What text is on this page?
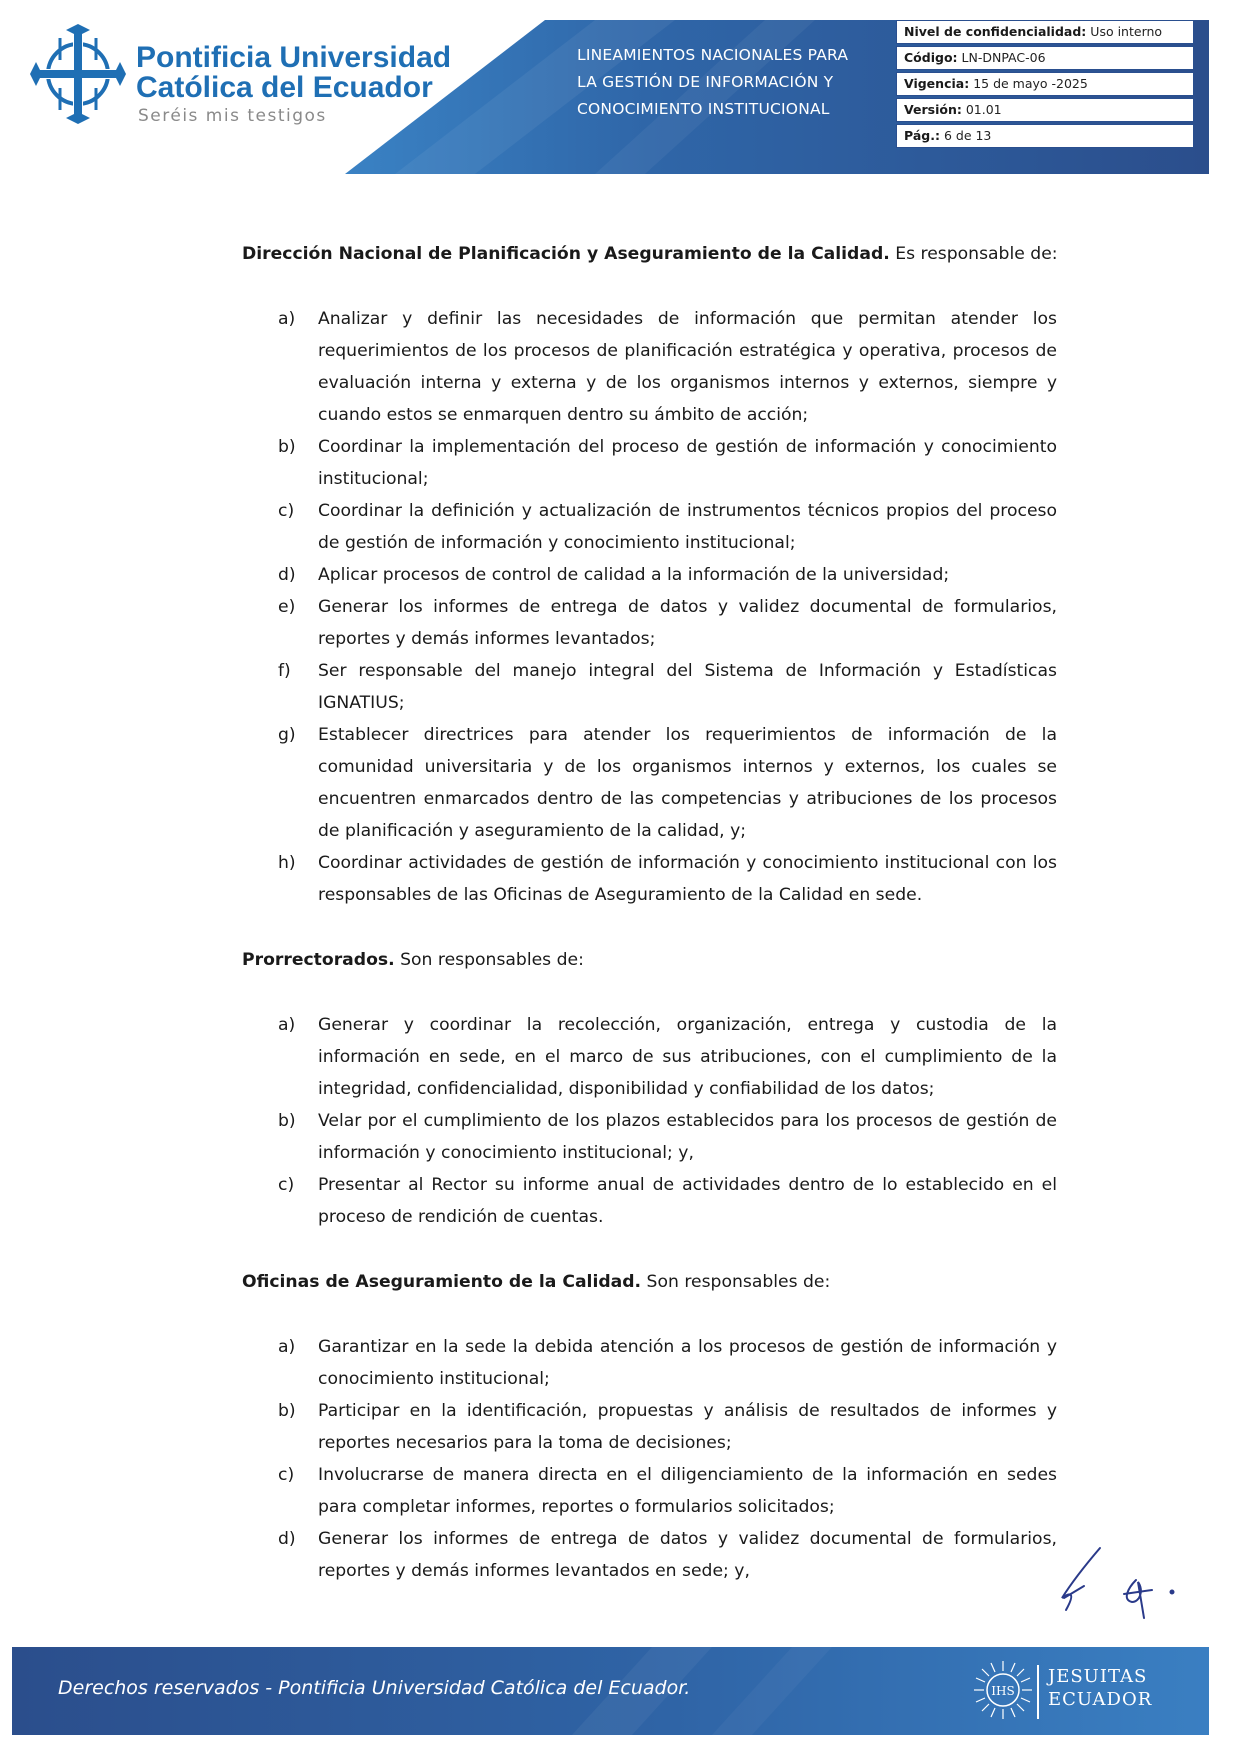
Pontificia Universidad
Católica del Ecuador
Seréis mis testigos
LINEAMIENTOS NACIONALES PARA
LA GESTIÓN DE INFORMACIÓN Y
CONOCIMIENTO INSTITUCIONAL
Nivel de confidencialidad: Uso interno
Código: LN-DNPAC-06
Vigencia: 15 de mayo -2025
Versión: 01.01
Pág.: 6 de 13

Dirección Nacional de Planificación y Aseguramiento de la Calidad. Es responsable de:

a) Analizar y definir las necesidades de información que permitan atender los requerimientos de los procesos de planificación estratégica y operativa, procesos de evaluación interna y externa y de los organismos internos y externos, siempre y cuando estos se enmarquen dentro su ámbito de acción;
b) Coordinar la implementación del proceso de gestión de información y conocimiento institucional;
c) Coordinar la definición y actualización de instrumentos técnicos propios del proceso de gestión de información y conocimiento institucional;
d) Aplicar procesos de control de calidad a la información de la universidad;
e) Generar los informes de entrega de datos y validez documental de formularios, reportes y demás informes levantados;
f) Ser responsable del manejo integral del Sistema de Información y Estadísticas IGNATIUS;
g) Establecer directrices para atender los requerimientos de información de la comunidad universitaria y de los organismos internos y externos, los cuales se encuentren enmarcados dentro de las competencias y atribuciones de los procesos de planificación y aseguramiento de la calidad, y;
h) Coordinar actividades de gestión de información y conocimiento institucional con los responsables de las Oficinas de Aseguramiento de la Calidad en sede.

Prorrectorados. Son responsables de:

a) Generar y coordinar la recolección, organización, entrega y custodia de la información en sede, en el marco de sus atribuciones, con el cumplimiento de la integridad, confidencialidad, disponibilidad y confiabilidad de los datos;
b) Velar por el cumplimiento de los plazos establecidos para los procesos de gestión de información y conocimiento institucional; y,
c) Presentar al Rector su informe anual de actividades dentro de lo establecido en el proceso de rendición de cuentas.

Oficinas de Aseguramiento de la Calidad. Son responsables de:

a) Garantizar en la sede la debida atención a los procesos de gestión de información y conocimiento institucional;
b) Participar en la identificación, propuestas y análisis de resultados de informes y reportes necesarios para la toma de decisiones;
c) Involucrarse de manera directa en el diligenciamiento de la información en sedes para completar informes, reportes o formularios solicitados;
d) Generar los informes de entrega de datos y validez documental de formularios, reportes y demás informes levantados en sede; y,
Derechos reservados - Pontificia Universidad Católica del Ecuador.	IHS
JESUITAS
ECUADOR
